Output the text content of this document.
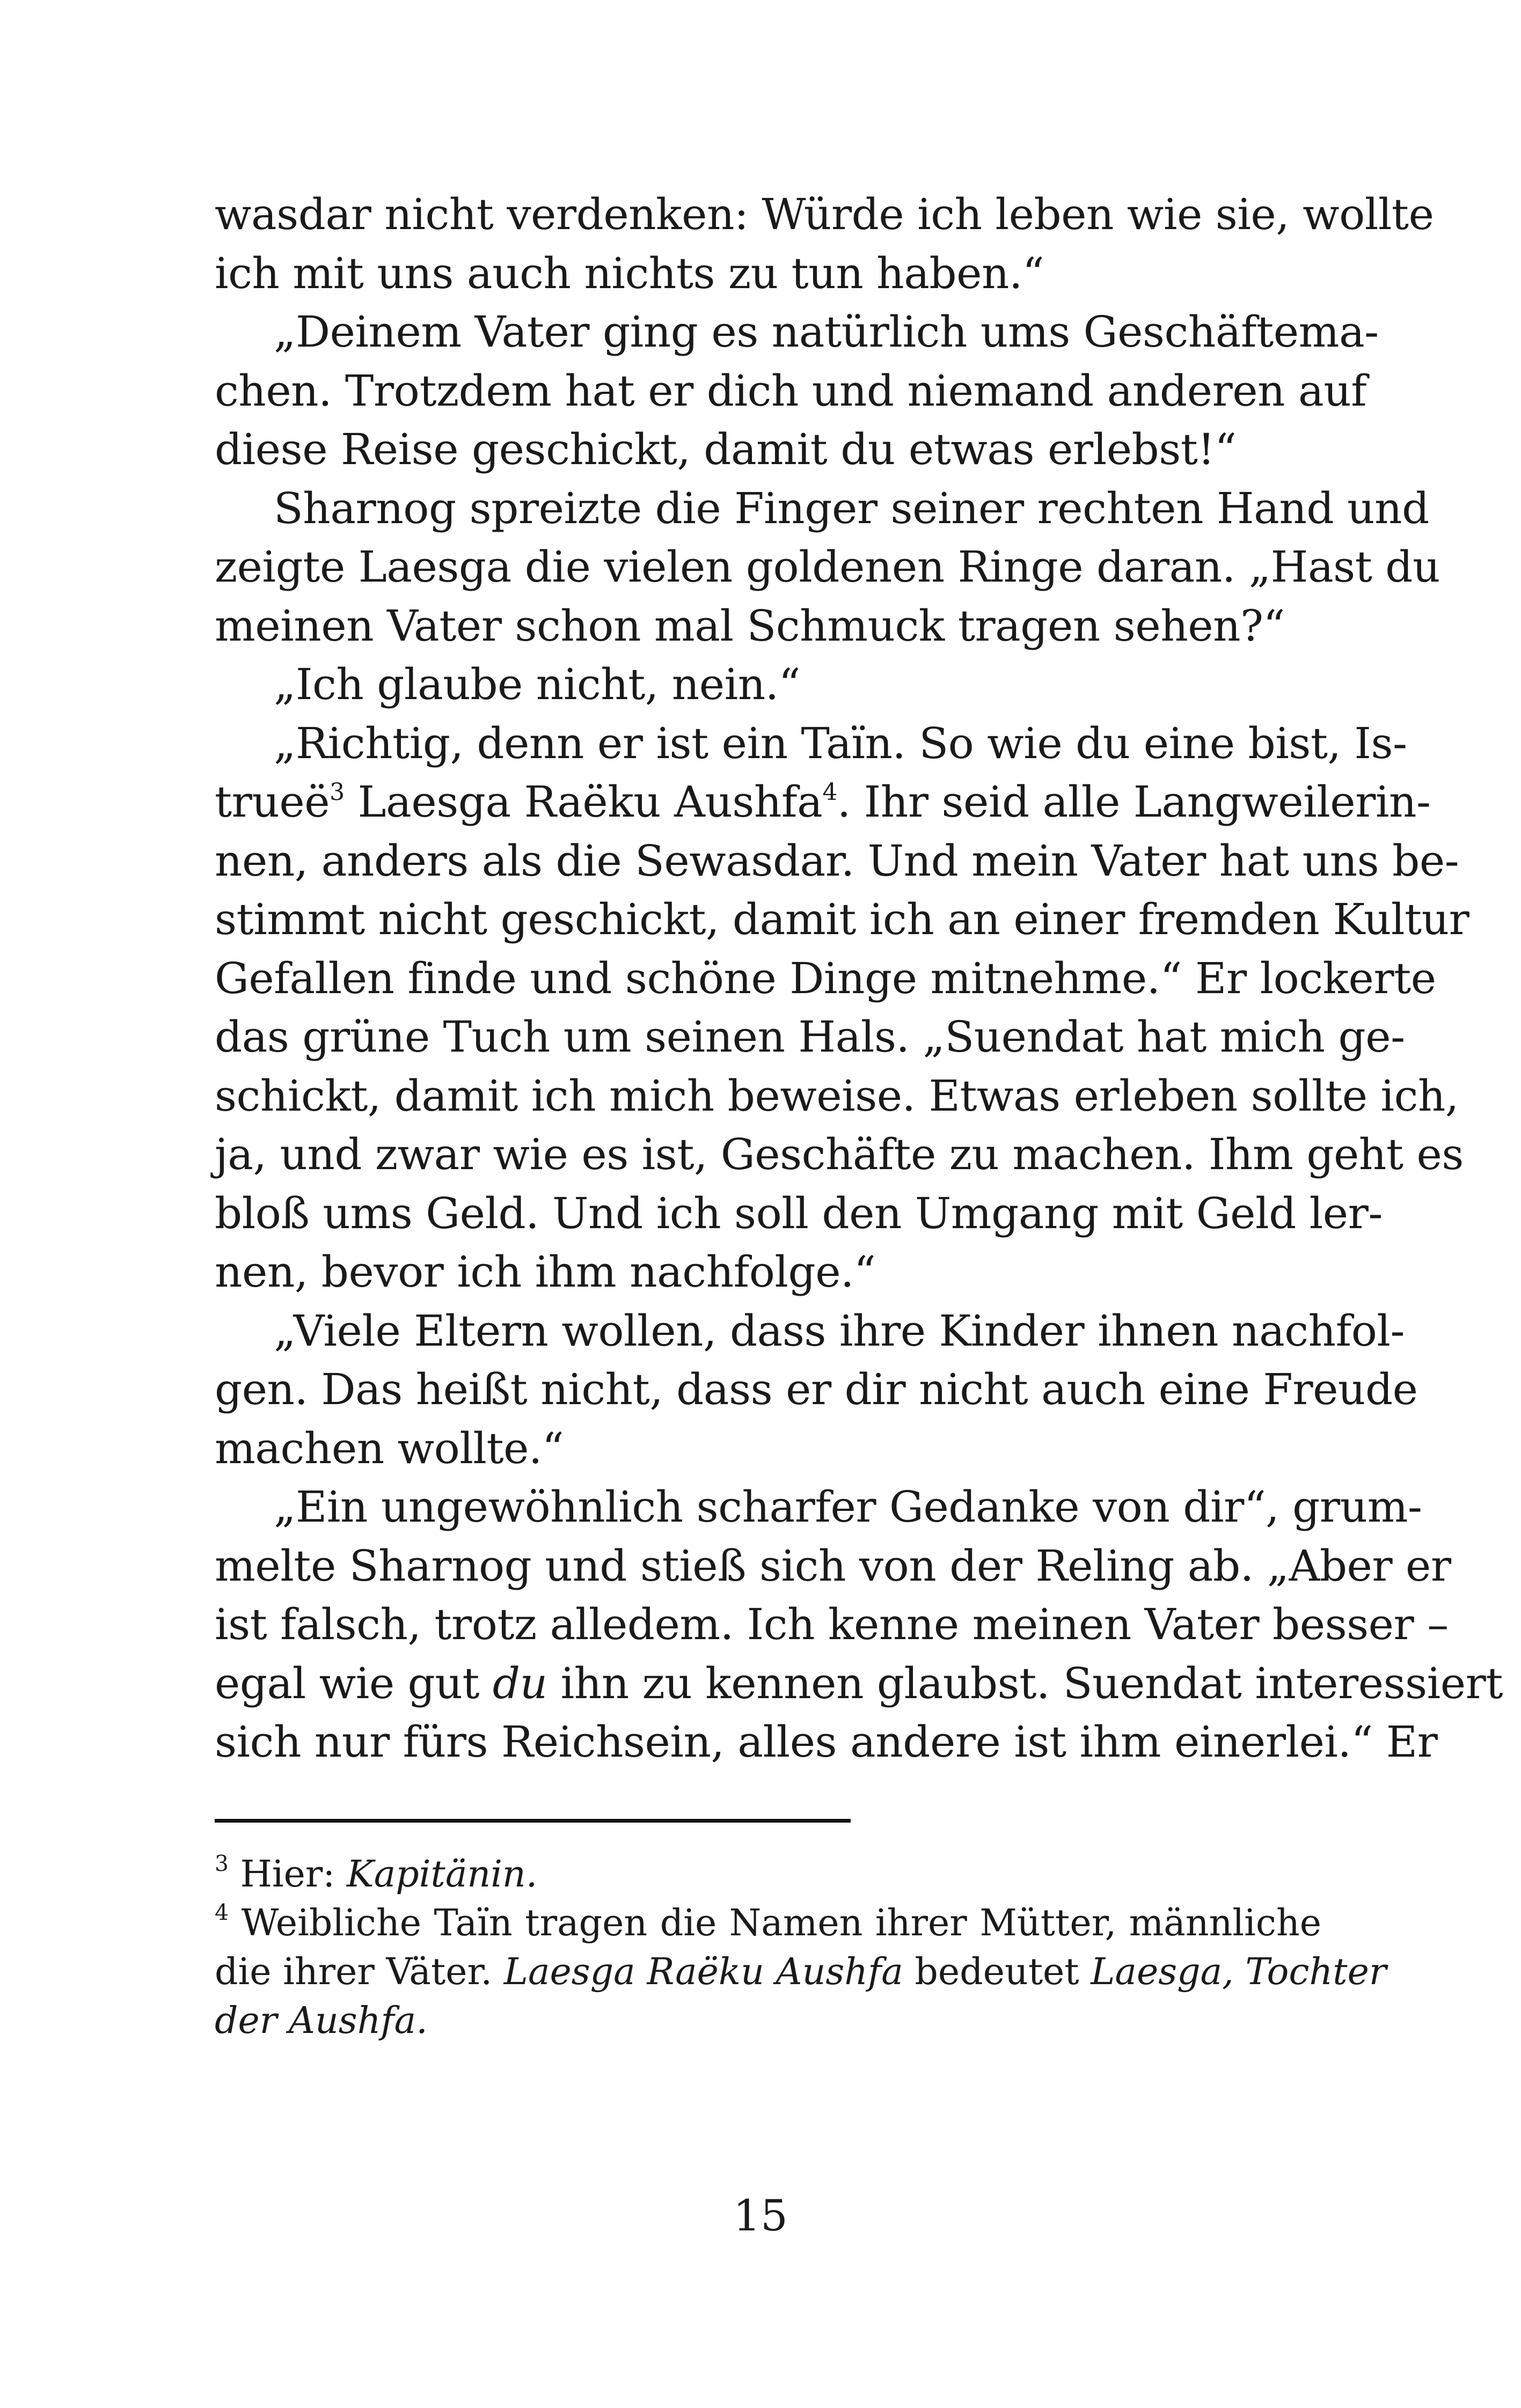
wasdar nicht verdenken: Würde ich leben wie sie, wollte
ich mit uns auch nichts zu tun haben.“
„Deinem Vater ging es natürlich ums Geschäftema-
chen. Trotzdem hat er dich und niemand anderen auf
diese Reise geschickt, damit du etwas erlebst!“
Sharnog spreizte die Finger seiner rechten Hand und
zeigte Laesga die vielen goldenen Ringe daran. „Hast du
meinen Vater schon mal Schmuck tragen sehen?“
„Ich glaube nicht, nein.“
„Richtig, denn er ist ein Taïn. So wie du eine bist, Is-
trueë$^3$ Laesga Raëku Aushfa$^4$. Ihr seid alle Langweilerin-
nen, anders als die Sewasdar. Und mein Vater hat uns be-
stimmt nicht geschickt, damit ich an einer fremden Kultur
Gefallen finde und schöne Dinge mitnehme.“ Er lockerte
das grüne Tuch um seinen Hals. „Suendat hat mich ge-
schickt, damit ich mich beweise. Etwas erleben sollte ich,
ja, und zwar wie es ist, Geschäfte zu machen. Ihm geht es
bloß ums Geld. Und ich soll den Umgang mit Geld ler-
nen, bevor ich ihm nachfolge.“
„Viele Eltern wollen, dass ihre Kinder ihnen nachfol-
gen. Das heißt nicht, dass er dir nicht auch eine Freude
machen wollte.“
„Ein ungewöhnlich scharfer Gedanke von dir“, grum-
melte Sharnog und stieß sich von der Reling ab. „Aber er
ist falsch, trotz alledem. Ich kenne meinen Vater besser –
egal wie gut du ihn zu kennen glaubst. Suendat interessiert
sich nur fürs Reichsein, alles andere ist ihm einerlei.“ Er
$^3$ Hier: Kapitänin.
$^4$ Weibliche Taïn tragen die Namen ihrer Mütter, männliche
die ihrer Väter. Laesga Raëku Aushfa bedeutet Laesga, Tochter
der Aushfa.
15
